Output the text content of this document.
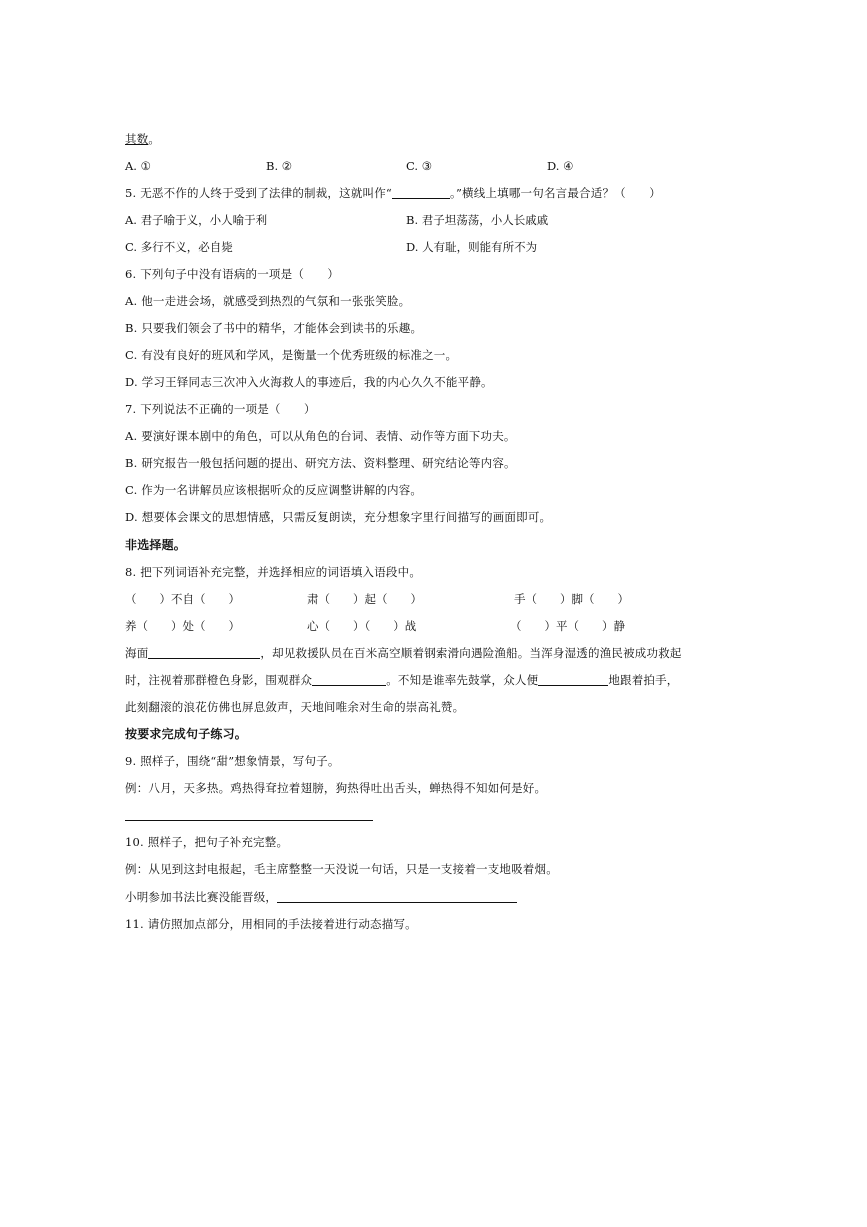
其数。
A. ①	B. ②	C. ③	D. ④
5. 无恶不作的人终于受到了法律的制裁，这就叫作“	。”横线上填哪一句名言最合适？（　　）
A. 君子喻于义，小人喻于利	B. 君子坦荡荡，小人长戚戚
C. 多行不义，必自毙	D. 人有耻，则能有所不为
6. 下列句子中没有语病的一项是（　　）
A. 他一走进会场，就感受到热烈的气氛和一张张笑脸。
B. 只要我们领会了书中的精华，才能体会到读书的乐趣。
C. 有没有良好的班风和学风，是衡量一个优秀班级的标准之一。
D. 学习王铎同志三次冲入火海救人的事迹后，我的内心久久不能平静。
7. 下列说法不正确的一项是（　　）
A. 要演好课本剧中的角色，可以从角色的台词、表情、动作等方面下功夫。
B. 研究报告一般包括问题的提出、研究方法、资料整理、研究结论等内容。
C. 作为一名讲解员应该根据听众的反应调整讲解的内容。
D. 想要体会课文的思想情感，只需反复朗读，充分想象字里行间描写的画面即可。
非选择题。
8. 把下列词语补充完整，并选择相应的词语填入语段中。
（　　）不自（　　）	肃（　　）起（　　）	手（　　）脚（　　）
养（　　）处（　　）	心（　　）（　　）战	（　　）平（　　）静
海面	，却见救援队员在百米高空顺着钢索滑向遇险渔船。当浑身湿透的渔民被成功救起
时，注视着那群橙色身影，围观群众	。不知是谁率先鼓掌，众人便	地跟着拍手，
此刻翻滚的浪花仿佛也屏息敛声，天地间唯余对生命的崇高礼赞。
按要求完成句子练习。
9. 照样子，围绕“甜”想象情景，写句子。
例：八月，天多热。鸡热得耷拉着翅膀，狗热得吐出舌头，蝉热得不知如何是好。
10. 照样子，把句子补充完整。
例：从见到这封电报起，毛主席整整一天没说一句话，只是一支接着一支地吸着烟。
小明参加书法比赛没能晋级，
11. 请仿照加点部分，用相同的手法接着进行动态描写。
